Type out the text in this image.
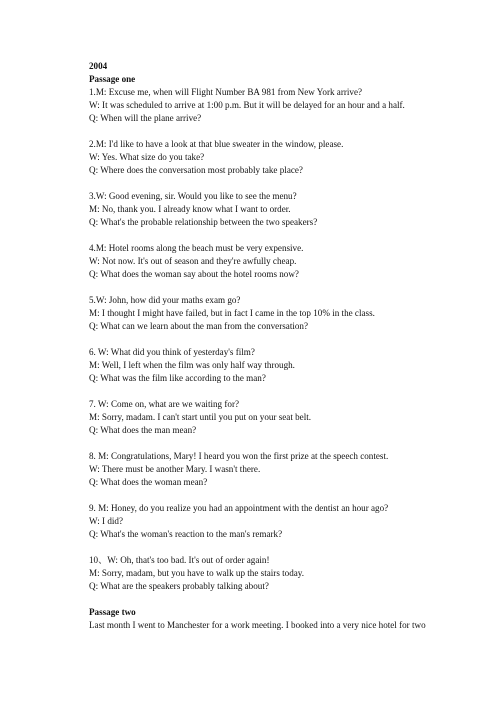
2004
Passage one
1.M: Excuse me, when will Flight Number BA 981 from New York arrive?
W: It was scheduled to arrive at 1:00 p.m. But it will be delayed for an hour and a half.
Q: When will the plane arrive?
2.M: I'd like to have a look at that blue sweater in the window, please.
W: Yes. What size do you take?
Q: Where does the conversation most probably take place?
3.W: Good evening, sir. Would you like to see the menu?
M: No, thank you. I already know what I want to order.
Q: What's the probable relationship between the two speakers?
4.M: Hotel rooms along the beach must be very expensive.
W: Not now. It's out of season and they're awfully cheap.
Q: What does the woman say about the hotel rooms now?
5.W: John, how did your maths exam go?
M: I thought I might have failed, but in fact I came in the top 10% in the class.
Q: What can we learn about the man from the conversation?
6. W: What did you think of yesterday's film?
M: Well, I left when the film was only half way through.
Q: What was the film like according to the man?
7. W: Come on, what are we waiting for?
M: Sorry, madam. I can't start until you put on your seat belt.
Q: What does the man mean?
8. M: Congratulations, Mary! I heard you won the first prize at the speech contest.
W: There must be another Mary. I wasn't there.
Q: What does the woman mean?
9. M: Honey, do you realize you had an appointment with the dentist an hour ago?
W: I did?
Q: What's the woman's reaction to the man's remark?
10、W: Oh, that's too bad. It's out of order again!
M: Sorry, madam, but you have to walk up the stairs today.
Q: What are the speakers probably talking about?
Passage two
Last month I went to Manchester for a work meeting. I booked into a very nice hotel for two
